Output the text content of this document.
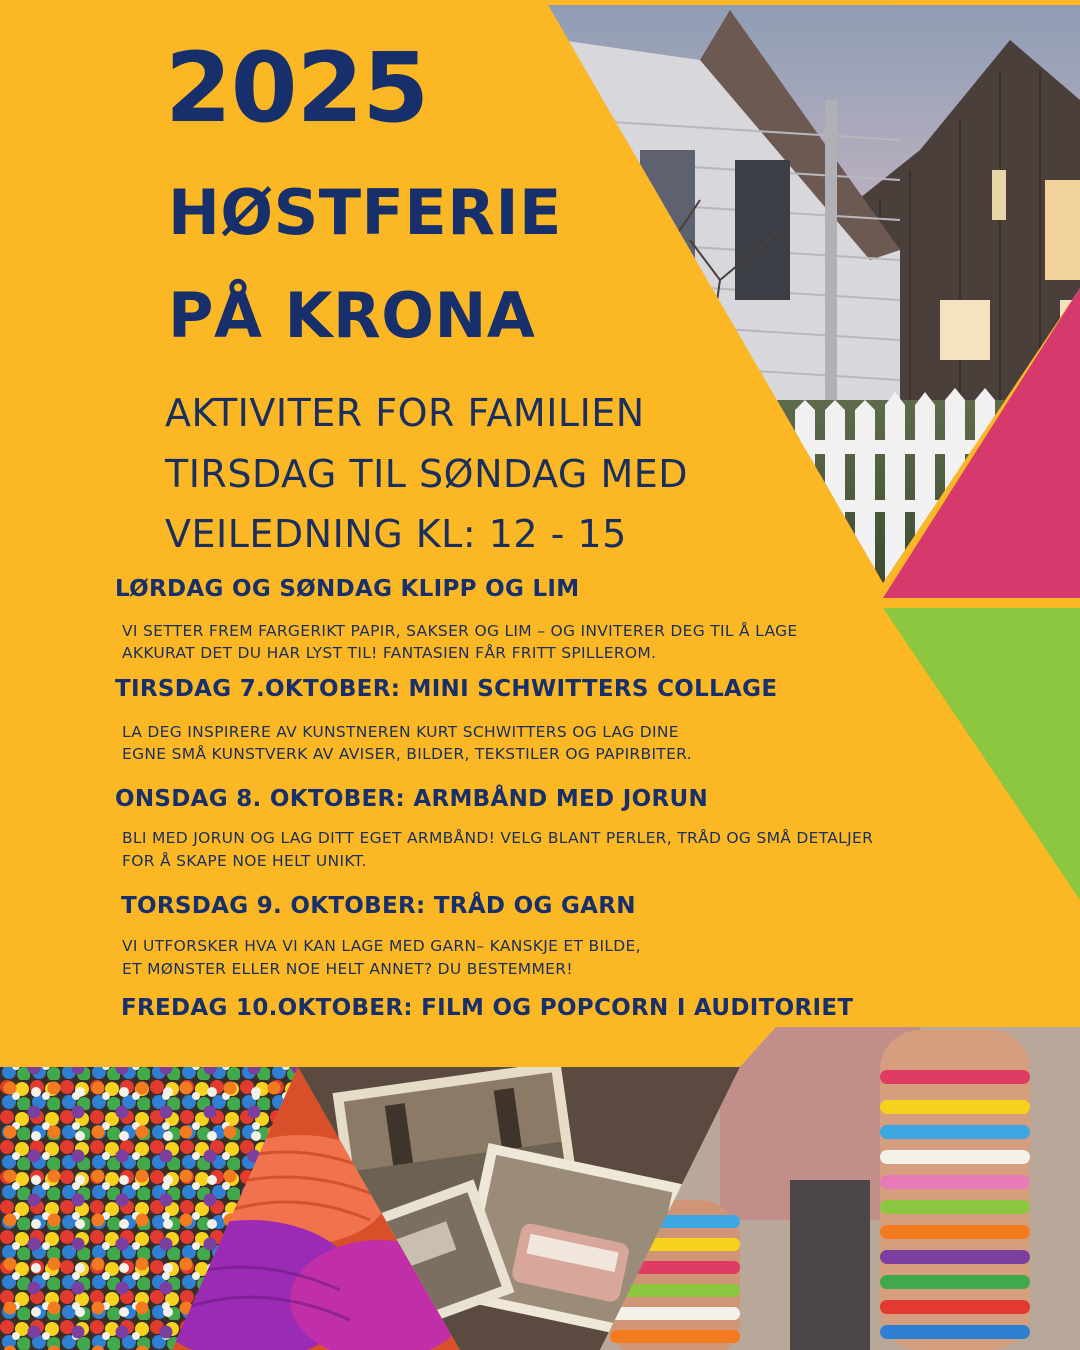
2025
HØSTFERIE
PÅ KRONA

AKTIVITER FOR FAMILIEN

TIRSDAG TIL SØNDAG MED

VEILEDNING KL: 12 - 15

LØRDAG OG SØNDAG KLIPP OG LIM

VI SETTER FREM FARGERIKT PAPIR, SAKSER OG LIM – OG INVITERER DEG TIL Å LAGE

AKKURAT DET DU HAR LYST TIL! FANTASIEN FÅR FRITT SPILLEROM.

TIRSDAG 7.OKTOBER: MINI SCHWITTERS COLLAGE

LA DEG INSPIRERE AV KUNSTNEREN KURT SCHWITTERS OG LAG DINE

EGNE SMÅ KUNSTVERK AV AVISER, BILDER, TEKSTILER OG PAPIRBITER.

ONSDAG 8. OKTOBER: ARMBÅND MED JORUN

BLI MED JORUN OG LAG DITT EGET ARMBÅND! VELG BLANT PERLER, TRÅD OG SMÅ DETALJER

FOR Å SKAPE NOE HELT UNIKT.

TORSDAG 9. OKTOBER: TRÅD OG GARN

VI UTFORSKER HVA VI KAN LAGE MED GARN– KANSKJE ET BILDE,

ET MØNSTER ELLER NOE HELT ANNET? DU BESTEMMER!

FREDAG 10.OKTOBER: FILM OG POPCORN I AUDITORIET
